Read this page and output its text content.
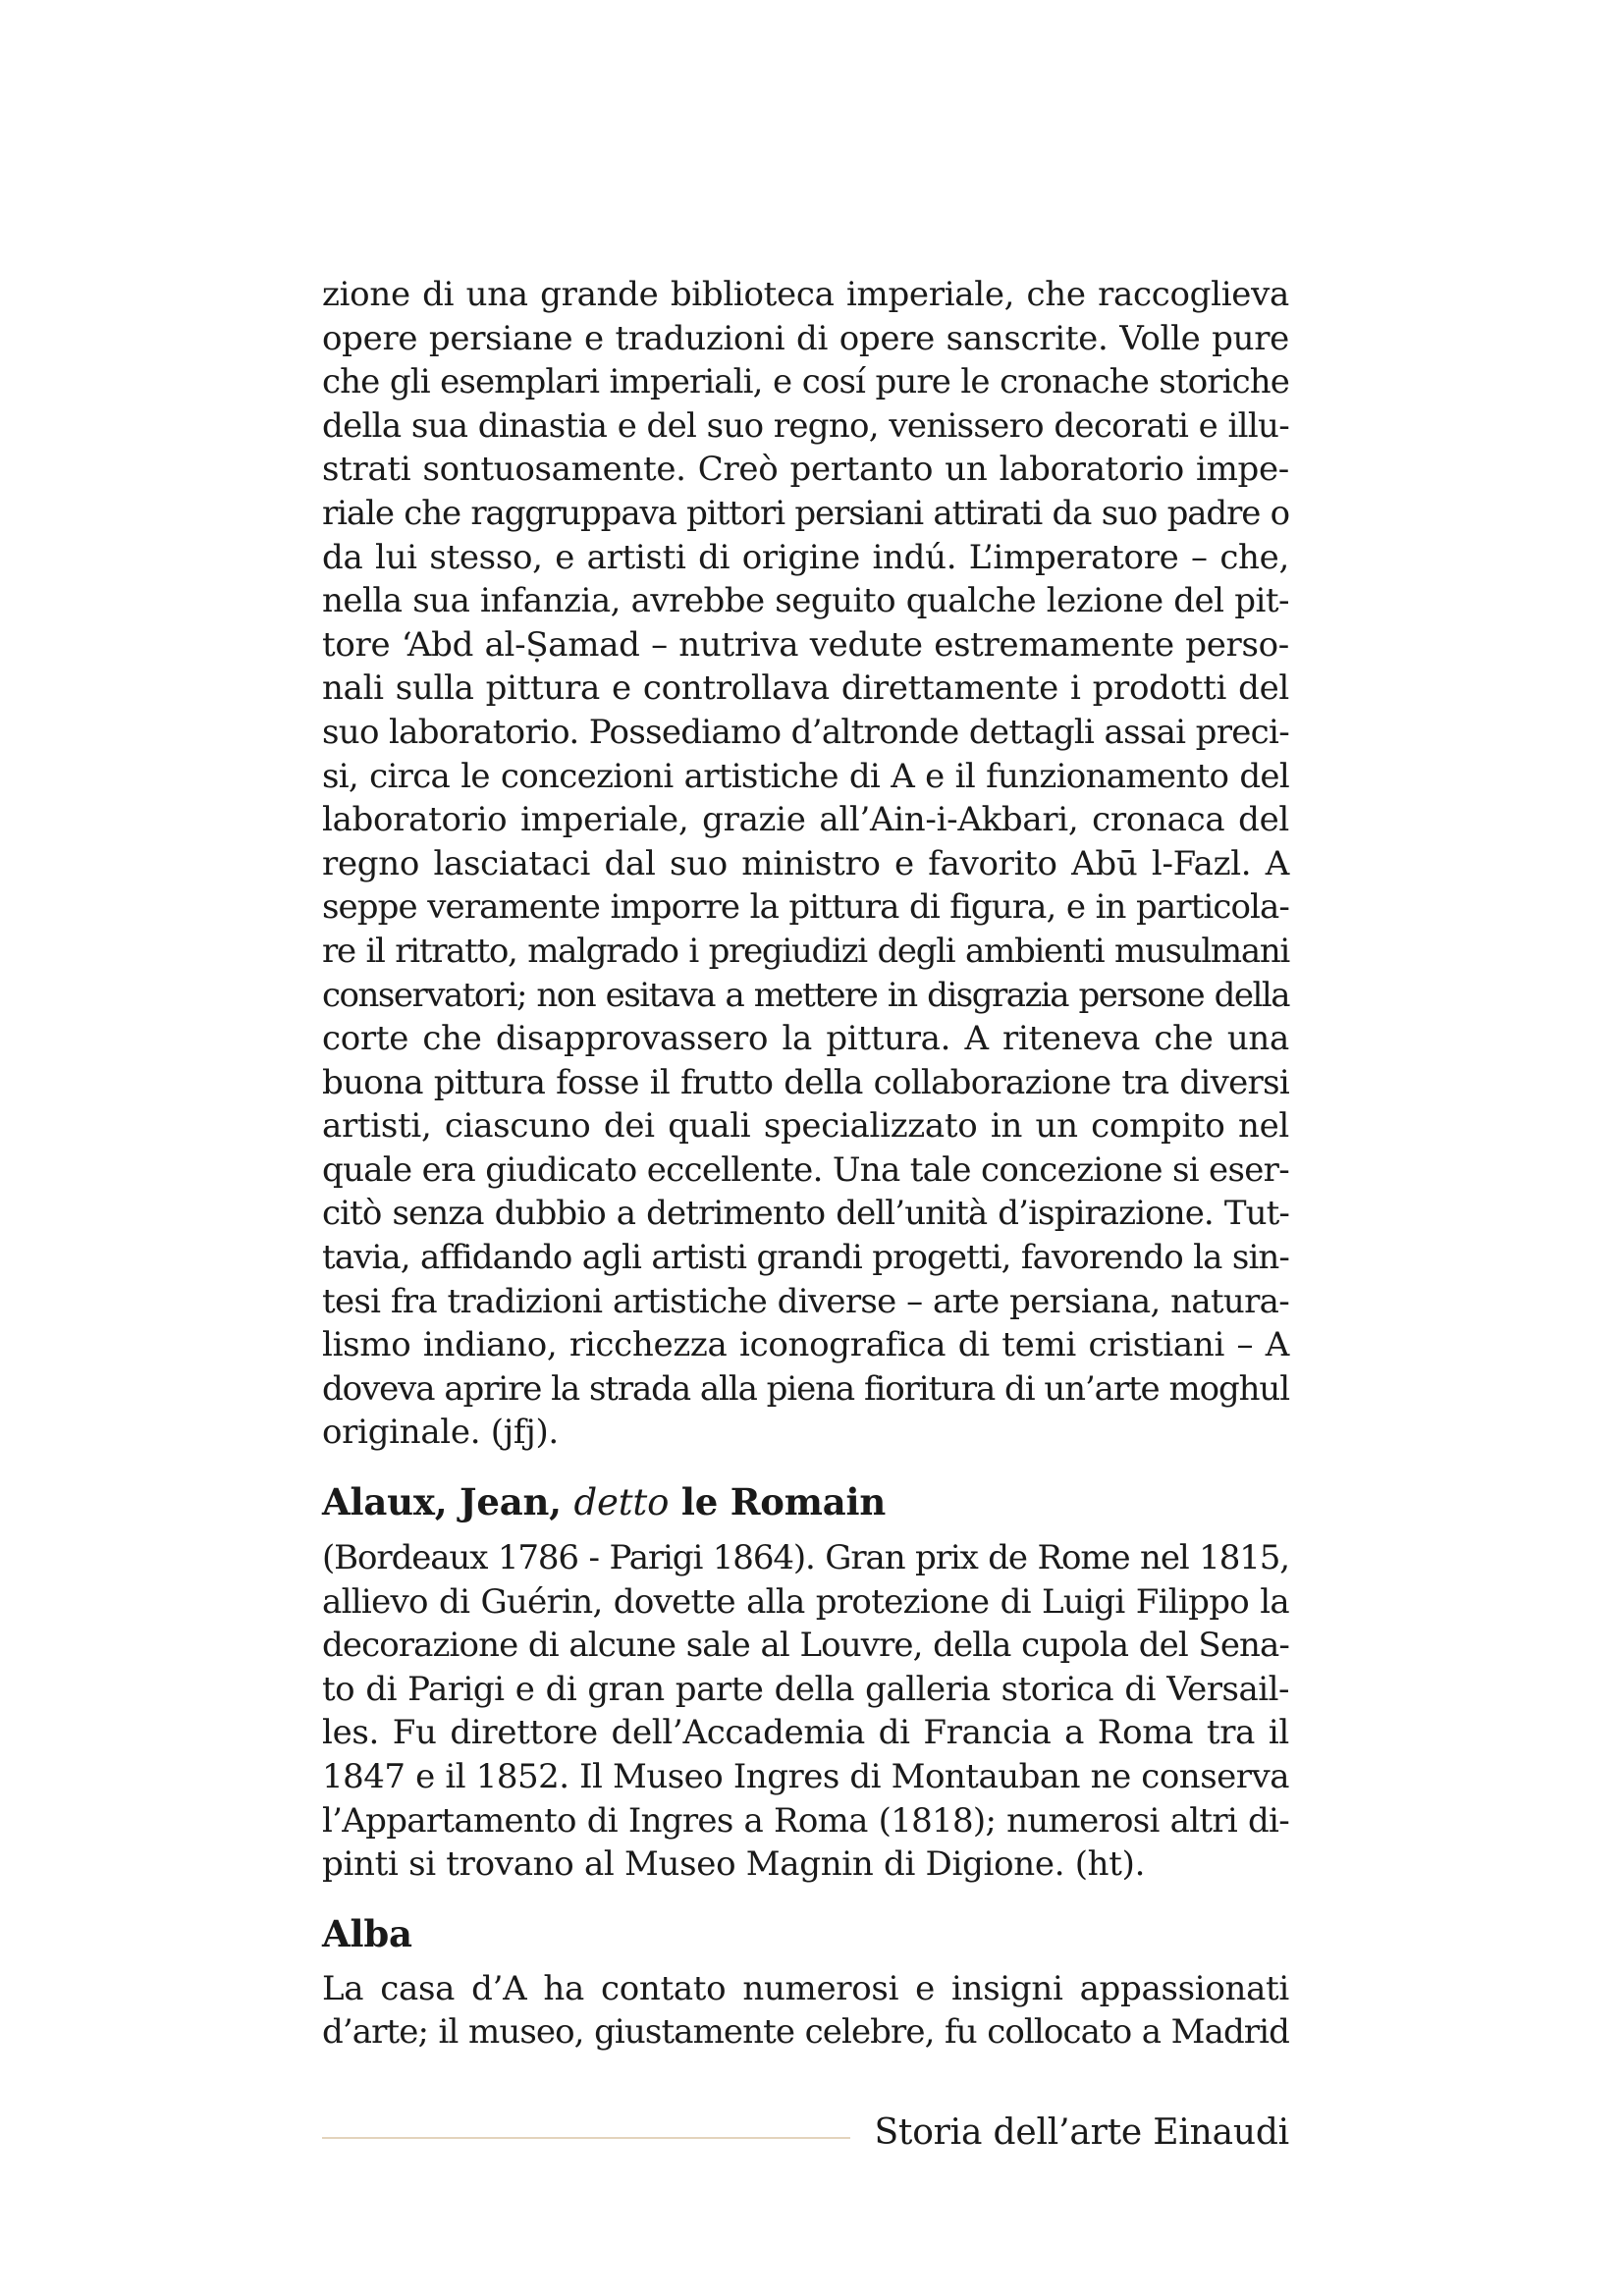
zione di una grande biblioteca imperiale, che raccoglieva
opere persiane e traduzioni di opere sanscrite. Volle pure
che gli esemplari imperiali, e cosí pure le cronache storiche
della sua dinastia e del suo regno, venissero decorati e illu-
strati sontuosamente. Creò pertanto un laboratorio impe-
riale che raggruppava pittori persiani attirati da suo padre o
da lui stesso, e artisti di origine indú. L’imperatore – che,
nella sua infanzia, avrebbe seguito qualche lezione del pit-
tore ‘Abd al-Ṣamad – nutriva vedute estremamente perso-
nali sulla pittura e controllava direttamente i prodotti del
suo laboratorio. Possediamo d’altronde dettagli assai preci-
si, circa le concezioni artistiche di A e il funzionamento del
laboratorio imperiale, grazie all’Ain-i-Akbari, cronaca del
regno lasciataci dal suo ministro e favorito Abū l-Fazl. A
seppe veramente imporre la pittura di figura, e in particola-
re il ritratto, malgrado i pregiudizi degli ambienti musulmani
conservatori; non esitava a mettere in disgrazia persone della
corte che disapprovassero la pittura. A riteneva che una
buona pittura fosse il frutto della collaborazione tra diversi
artisti, ciascuno dei quali specializzato in un compito nel
quale era giudicato eccellente. Una tale concezione si eser-
citò senza dubbio a detrimento dell’unità d’ispirazione. Tut-
tavia, affidando agli artisti grandi progetti, favorendo la sin-
tesi fra tradizioni artistiche diverse – arte persiana, natura-
lismo indiano, ricchezza iconografica di temi cristiani – A
doveva aprire la strada alla piena fioritura di un’arte moghul
originale. (jfj).

Alaux, Jean, detto le Romain

(Bordeaux 1786 - Parigi 1864). Gran prix de Rome nel 1815,
allievo di Guérin, dovette alla protezione di Luigi Filippo la
decorazione di alcune sale al Louvre, della cupola del Sena-
to di Parigi e di gran parte della galleria storica di Versail-
les. Fu direttore dell’Accademia di Francia a Roma tra il
1847 e il 1852. Il Museo Ingres di Montauban ne conserva
l’Appartamento di Ingres a Roma (1818); numerosi altri di-
pinti si trovano al Museo Magnin di Digione. (ht).

Alba

La casa d’A ha contato numerosi e insigni appassionati
d’arte; il museo, giustamente celebre, fu collocato a Madrid

Storia dell’arte Einaudi
